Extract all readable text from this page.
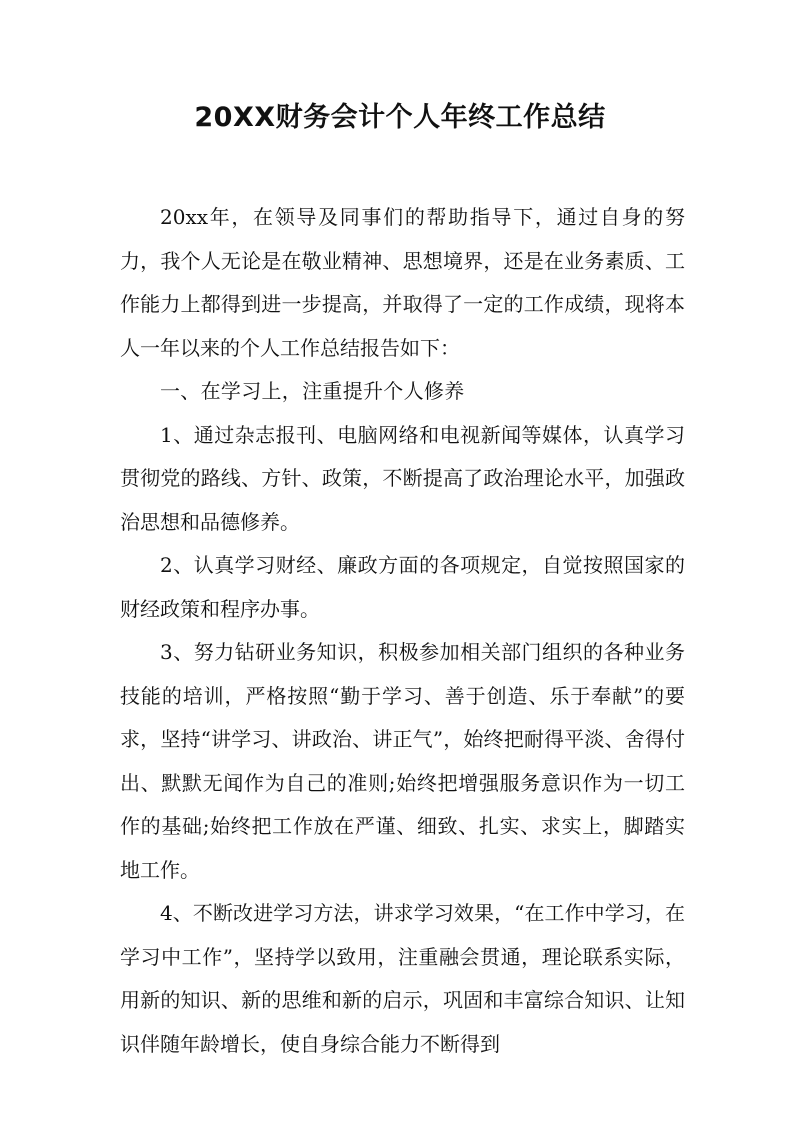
20XX财务会计个人年终工作总结

20xx年，在领导及同事们的帮助指导下，通过自身的努力，我个人无论是在敬业精神、思想境界，还是在业务素质、工作能力上都得到进一步提高，并取得了一定的工作成绩，现将本人一年以来的个人工作总结报告如下：

一、在学习上，注重提升个人修养

1、通过杂志报刊、电脑网络和电视新闻等媒体，认真学习贯彻党的路线、方针、政策，不断提高了政治理论水平，加强政治思想和品德修养。

2、认真学习财经、廉政方面的各项规定，自觉按照国家的财经政策和程序办事。

3、努力钻研业务知识，积极参加相关部门组织的各种业务技能的培训，严格按照“勤于学习、善于创造、乐于奉献”的要求，坚持“讲学习、讲政治、讲正气”，始终把耐得平淡、舍得付出、默默无闻作为自己的准则;始终把增强服务意识作为一切工作的基础;始终把工作放在严谨、细致、扎实、求实上，脚踏实地工作。

4、不断改进学习方法，讲求学习效果，“在工作中学习，在学习中工作”，坚持学以致用，注重融会贯通，理论联系实际，用新的知识、新的思维和新的启示，巩固和丰富综合知识、让知识伴随年龄增长，使自身综合能力不断得到
